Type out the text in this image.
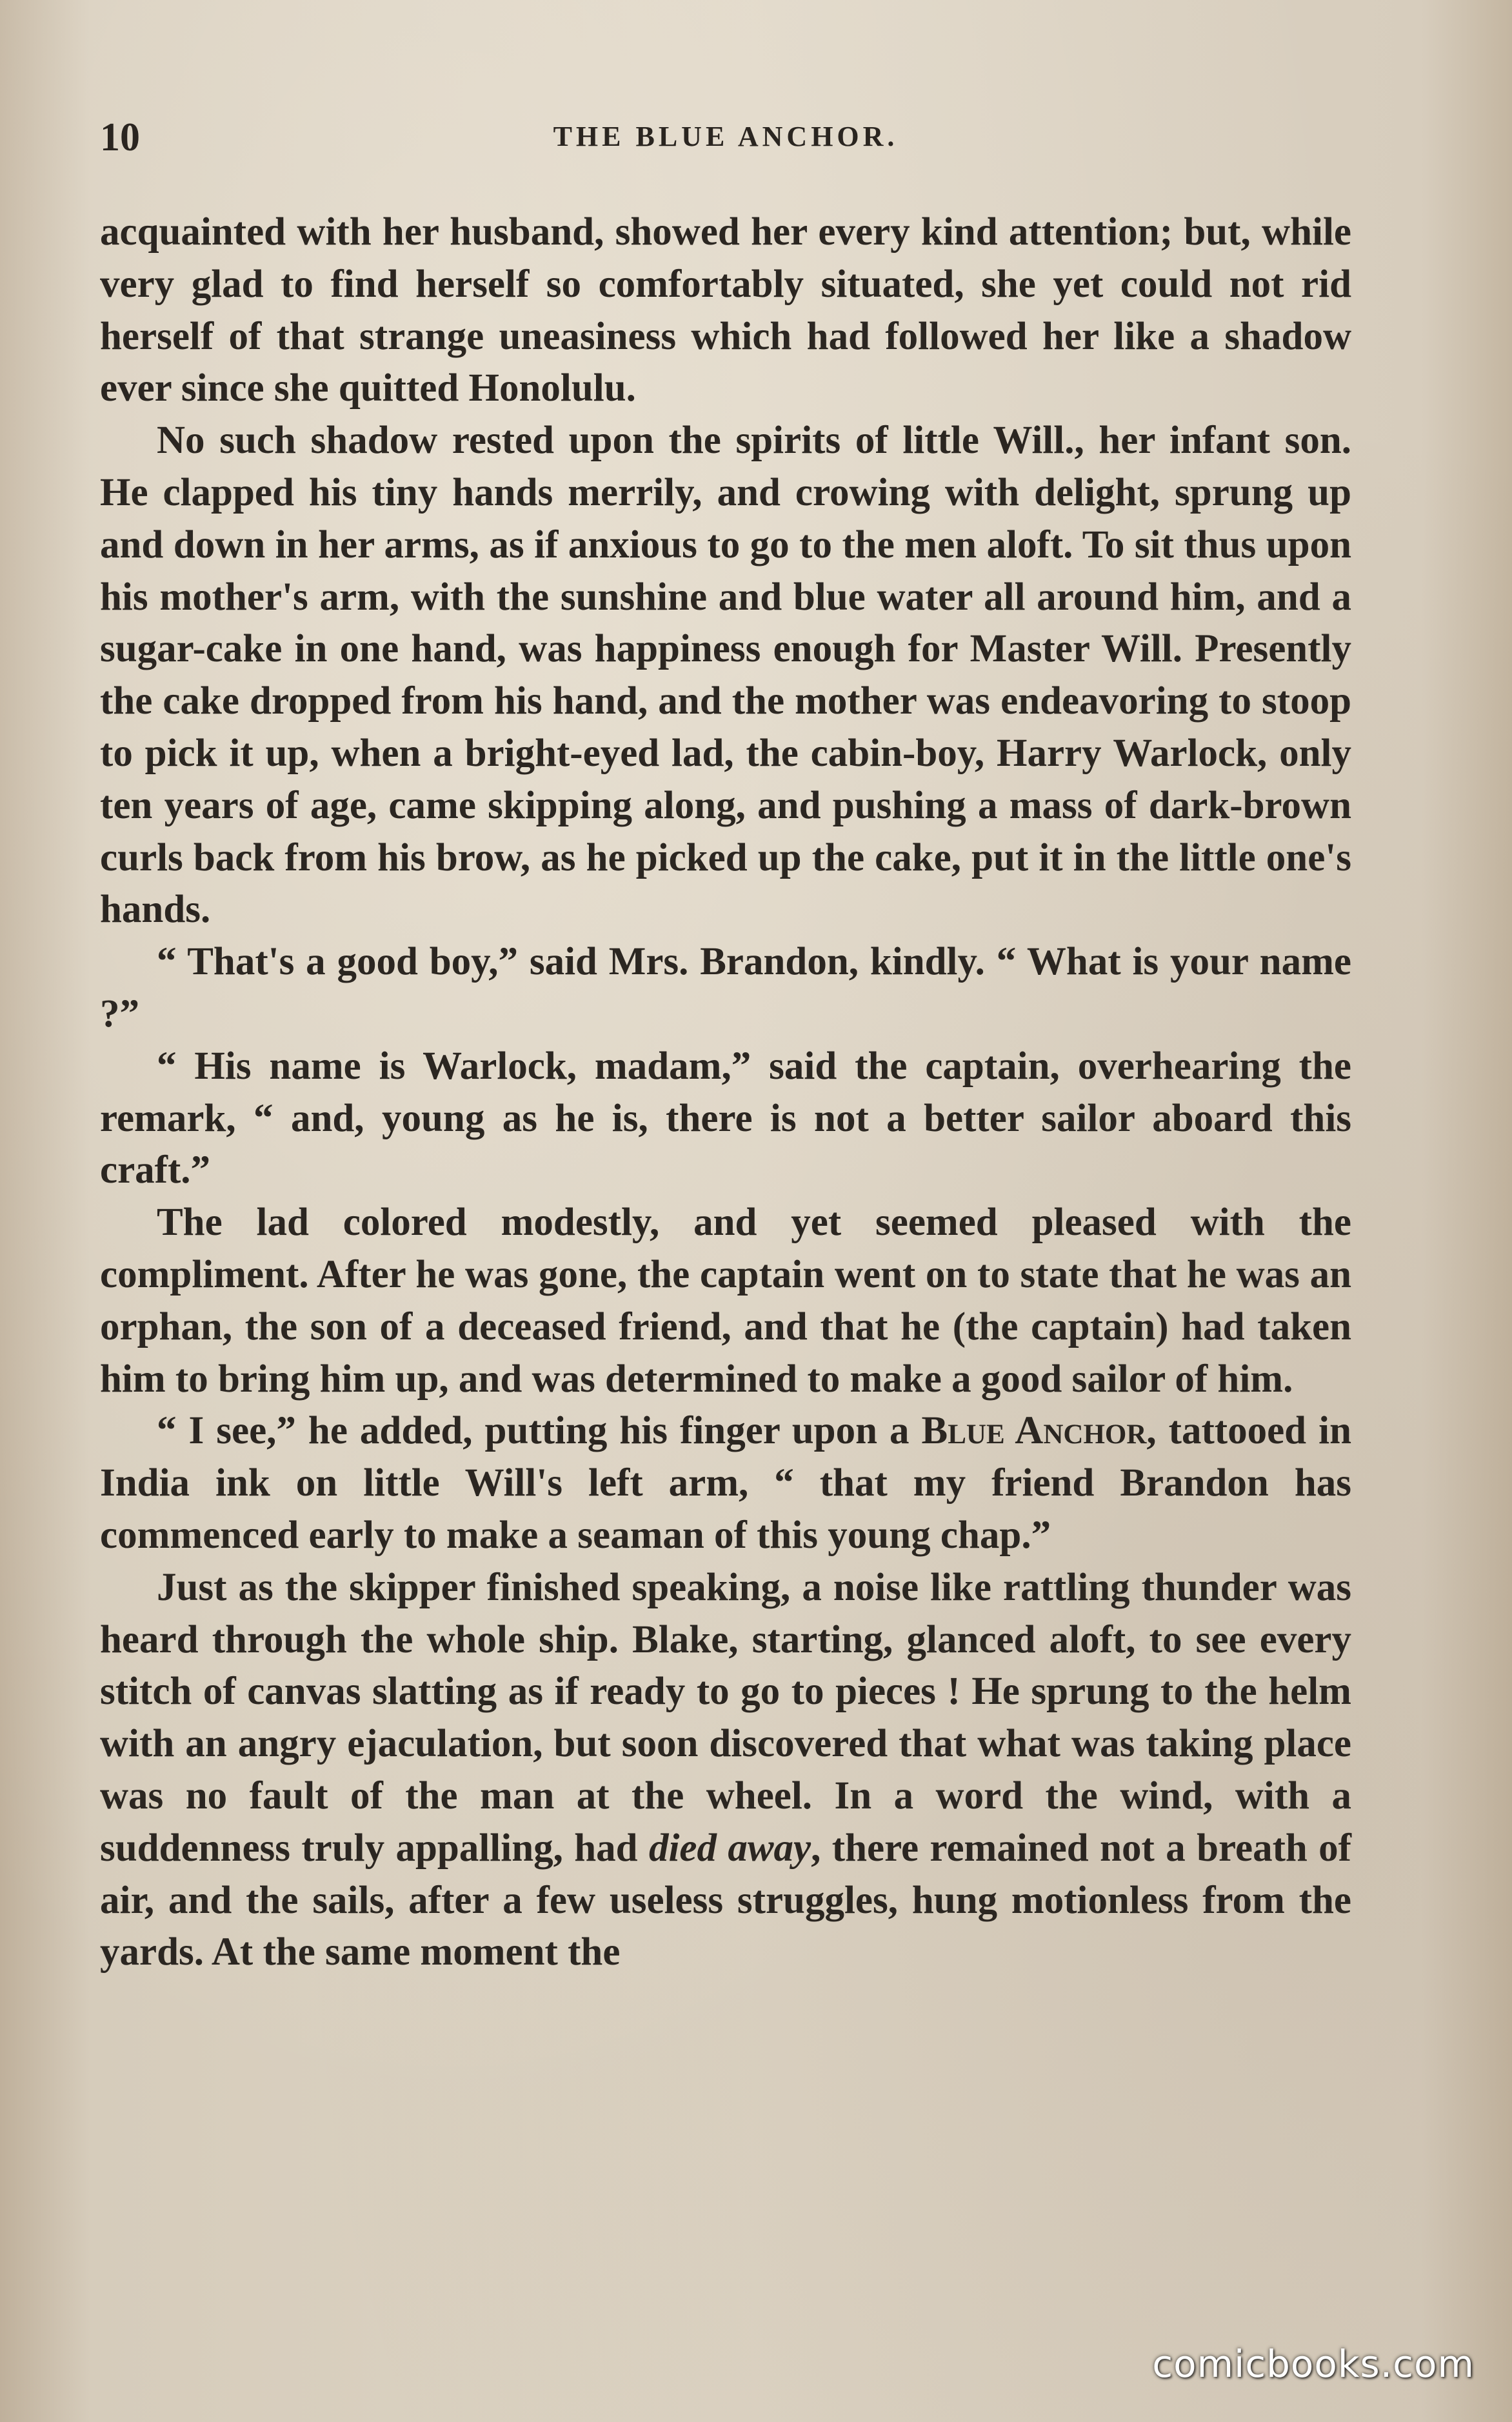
10	THE BLUE ANCHOR.

acquainted with her husband, showed her every kind attention; but, while very glad to find herself so comfortably situated, she yet could not rid herself of that strange uneasiness which had followed her like a shadow ever since she quitted Honolulu.

No such shadow rested upon the spirits of little Will., her infant son. He clapped his tiny hands merrily, and crowing with delight, sprung up and down in her arms, as if anxious to go to the men aloft. To sit thus upon his mother's arm, with the sunshine and blue water all around him, and a sugar-cake in one hand, was happiness enough for Master Will. Presently the cake dropped from his hand, and the mother was endeavoring to stoop to pick it up, when a bright-eyed lad, the cabin-boy, Harry Warlock, only ten years of age, came skipping along, and pushing a mass of dark-brown curls back from his brow, as he picked up the cake, put it in the little one's hands.

“ That's a good boy,” said Mrs. Brandon, kindly. “ What is your name ?”

“ His name is Warlock, madam,” said the captain, overhearing the remark, “ and, young as he is, there is not a better sailor aboard this craft.”

The lad colored modestly, and yet seemed pleased with the compliment. After he was gone, the captain went on to state that he was an orphan, the son of a deceased friend, and that he (the captain) had taken him to bring him up, and was determined to make a good sailor of him.

“ I see,” he added, putting his finger upon a Blue Anchor, tattooed in India ink on little Will's left arm, “ that my friend Brandon has commenced early to make a seaman of this young chap.”

Just as the skipper finished speaking, a noise like rattling thunder was heard through the whole ship. Blake, starting, glanced aloft, to see every stitch of canvas slatting as if ready to go to pieces ! He sprung to the helm with an angry ejaculation, but soon discovered that what was taking place was no fault of the man at the wheel. In a word the wind, with a suddenness truly appalling, had died away, there remained not a breath of air, and the sails, after a few useless struggles, hung motionless from the yards. At the same moment the

comicbooks.com
